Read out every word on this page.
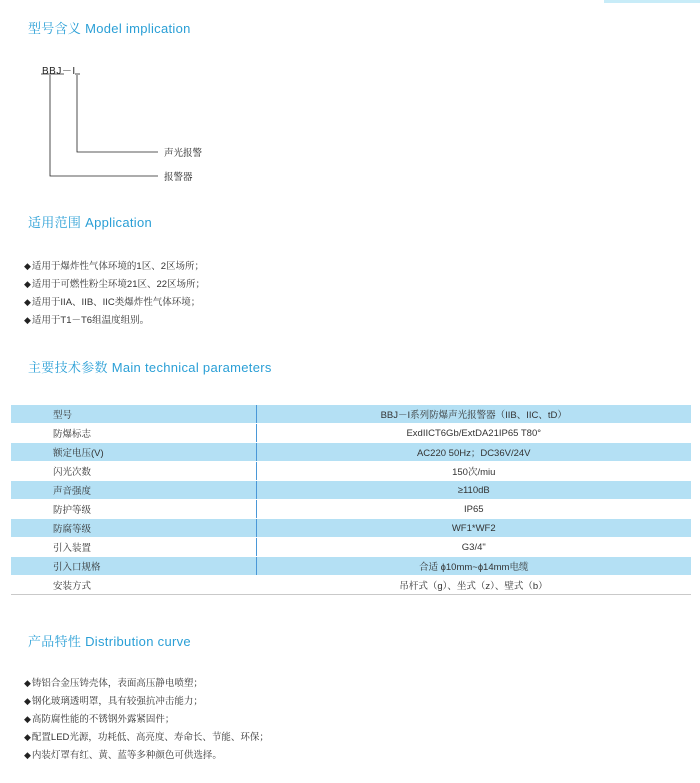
型号含义 Model implication
BBJ－I
声光报警
报警器
适用范围 Application
◆适用于爆炸性气体环境的1区、2区场所；
◆适用于可燃性粉尘环境21区、22区场所；
◆适用于IIA、IIB、IIC类爆炸性气体环境；
◆适用于T1－T6组温度组别。
主要技术参数 Main technical parameters
型号	BBJ－I系列防爆声光报警器（IIB、IIC、tD）
防爆标志	ExdIICT6Gb/ExtDA21IP65 T80°
额定电压(V)	AC220 50Hz；DC36V/24V
闪光次数	150次/miu
声音强度	≥110dB
防护等级	IP65
防腐等级	WF1*WF2
引入装置	G3/4"
引入口规格	合适 ɸ10mm~ɸ14mm电缆
安装方式	吊杆式（g）、坐式（z）、壁式（b）
产品特性 Distribution curve
◆铸铝合金压铸壳体，表面高压静电喷塑；
◆钢化玻璃透明罩，具有较强抗冲击能力；
◆高防腐性能的不锈钢外露紧固件；
◆配置LED光源，功耗低、高亮度、寿命长、节能、环保；
◆内装灯罩有红、黄、蓝等多种颜色可供选择。
